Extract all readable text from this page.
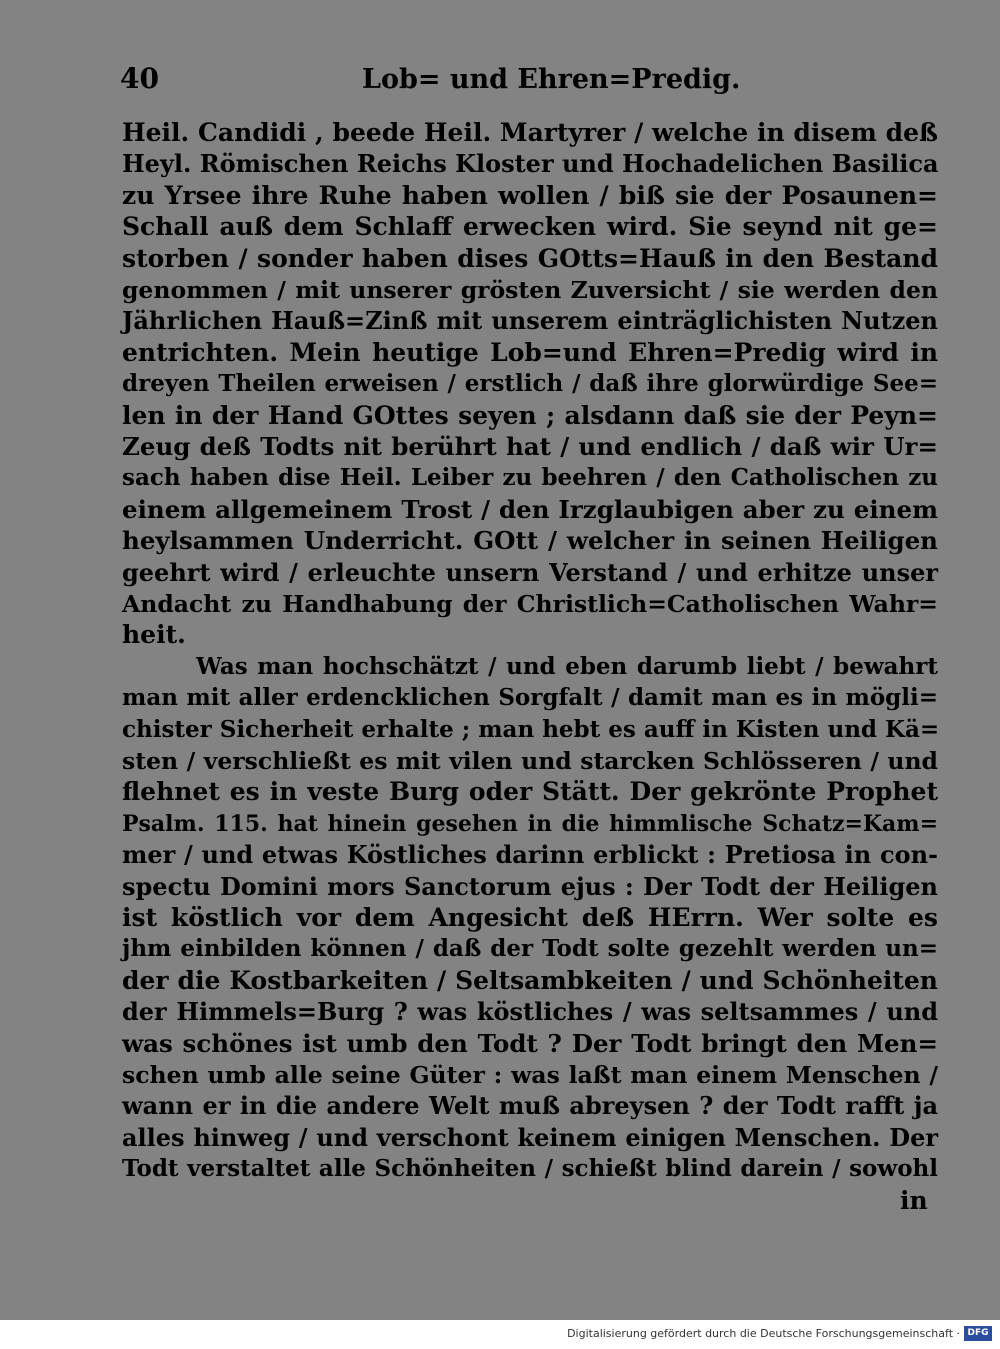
40	Lob= und Ehren=Predig.
Heil. Candidi , beede Heil. Martyrer / welche in disem deß
Heyl. Römischen Reichs Kloster und Hochadelichen Basilica
zu Yrsee ihre Ruhe haben wollen / biß sie der Posaunen=
Schall auß dem Schlaff erwecken wird. Sie seynd nit ge=
storben / sonder haben dises GOtts=Hauß in den Bestand
genommen / mit unserer grösten Zuversicht / sie werden den
Jährlichen Hauß=Zinß mit unserem einträglichisten Nutzen
entrichten. Mein heutige Lob=und Ehren=Predig wird in
dreyen Theilen erweisen / erstlich / daß ihre glorwürdige See=
len in der Hand GOttes seyen ; alsdann daß sie der Peyn=
Zeug deß Todts nit berührt hat / und endlich / daß wir Ur=
sach haben dise Heil. Leiber zu beehren / den Catholischen zu
einem allgemeinem Trost / den Irzglaubigen aber zu einem
heylsammen Underricht. GOtt / welcher in seinen Heiligen
geehrt wird / erleuchte unsern Verstand / und erhitze unser
Andacht zu Handhabung der Christlich=Catholischen Wahr=
heit.
Was man hochschätzt / und eben darumb liebt / bewahrt
man mit aller erdencklichen Sorgfalt / damit man es in mögli=
chister Sicherheit erhalte ; man hebt es auff in Kisten und Kä=
sten / verschließt es mit vilen und starcken Schlösseren / und
flehnet es in veste Burg oder Stätt. Der gekrönte Prophet
Psalm. 115. hat hinein gesehen in die himmlische Schatz=Kam=
mer / und etwas Köstliches darinn erblickt : Pretiosa in con-
spectu Domini mors Sanctorum ejus : Der Todt der Heiligen
ist köstlich vor dem Angesicht deß HErrn. Wer solte es
jhm einbilden können / daß der Todt solte gezehlt werden un=
der die Kostbarkeiten / Seltsambkeiten / und Schönheiten
der Himmels=Burg ? was köstliches / was seltsammes / und
was schönes ist umb den Todt ? Der Todt bringt den Men=
schen umb alle seine Güter : was laßt man einem Menschen /
wann er in die andere Welt muß abreysen ? der Todt rafft ja
alles hinweg / und verschont keinem einigen Menschen. Der
Todt verstaltet alle Schönheiten / schießt blind darein / sowohl
in
Digitalisierung gefördert durch die Deutsche Forschungsgemeinschaft · DFG
